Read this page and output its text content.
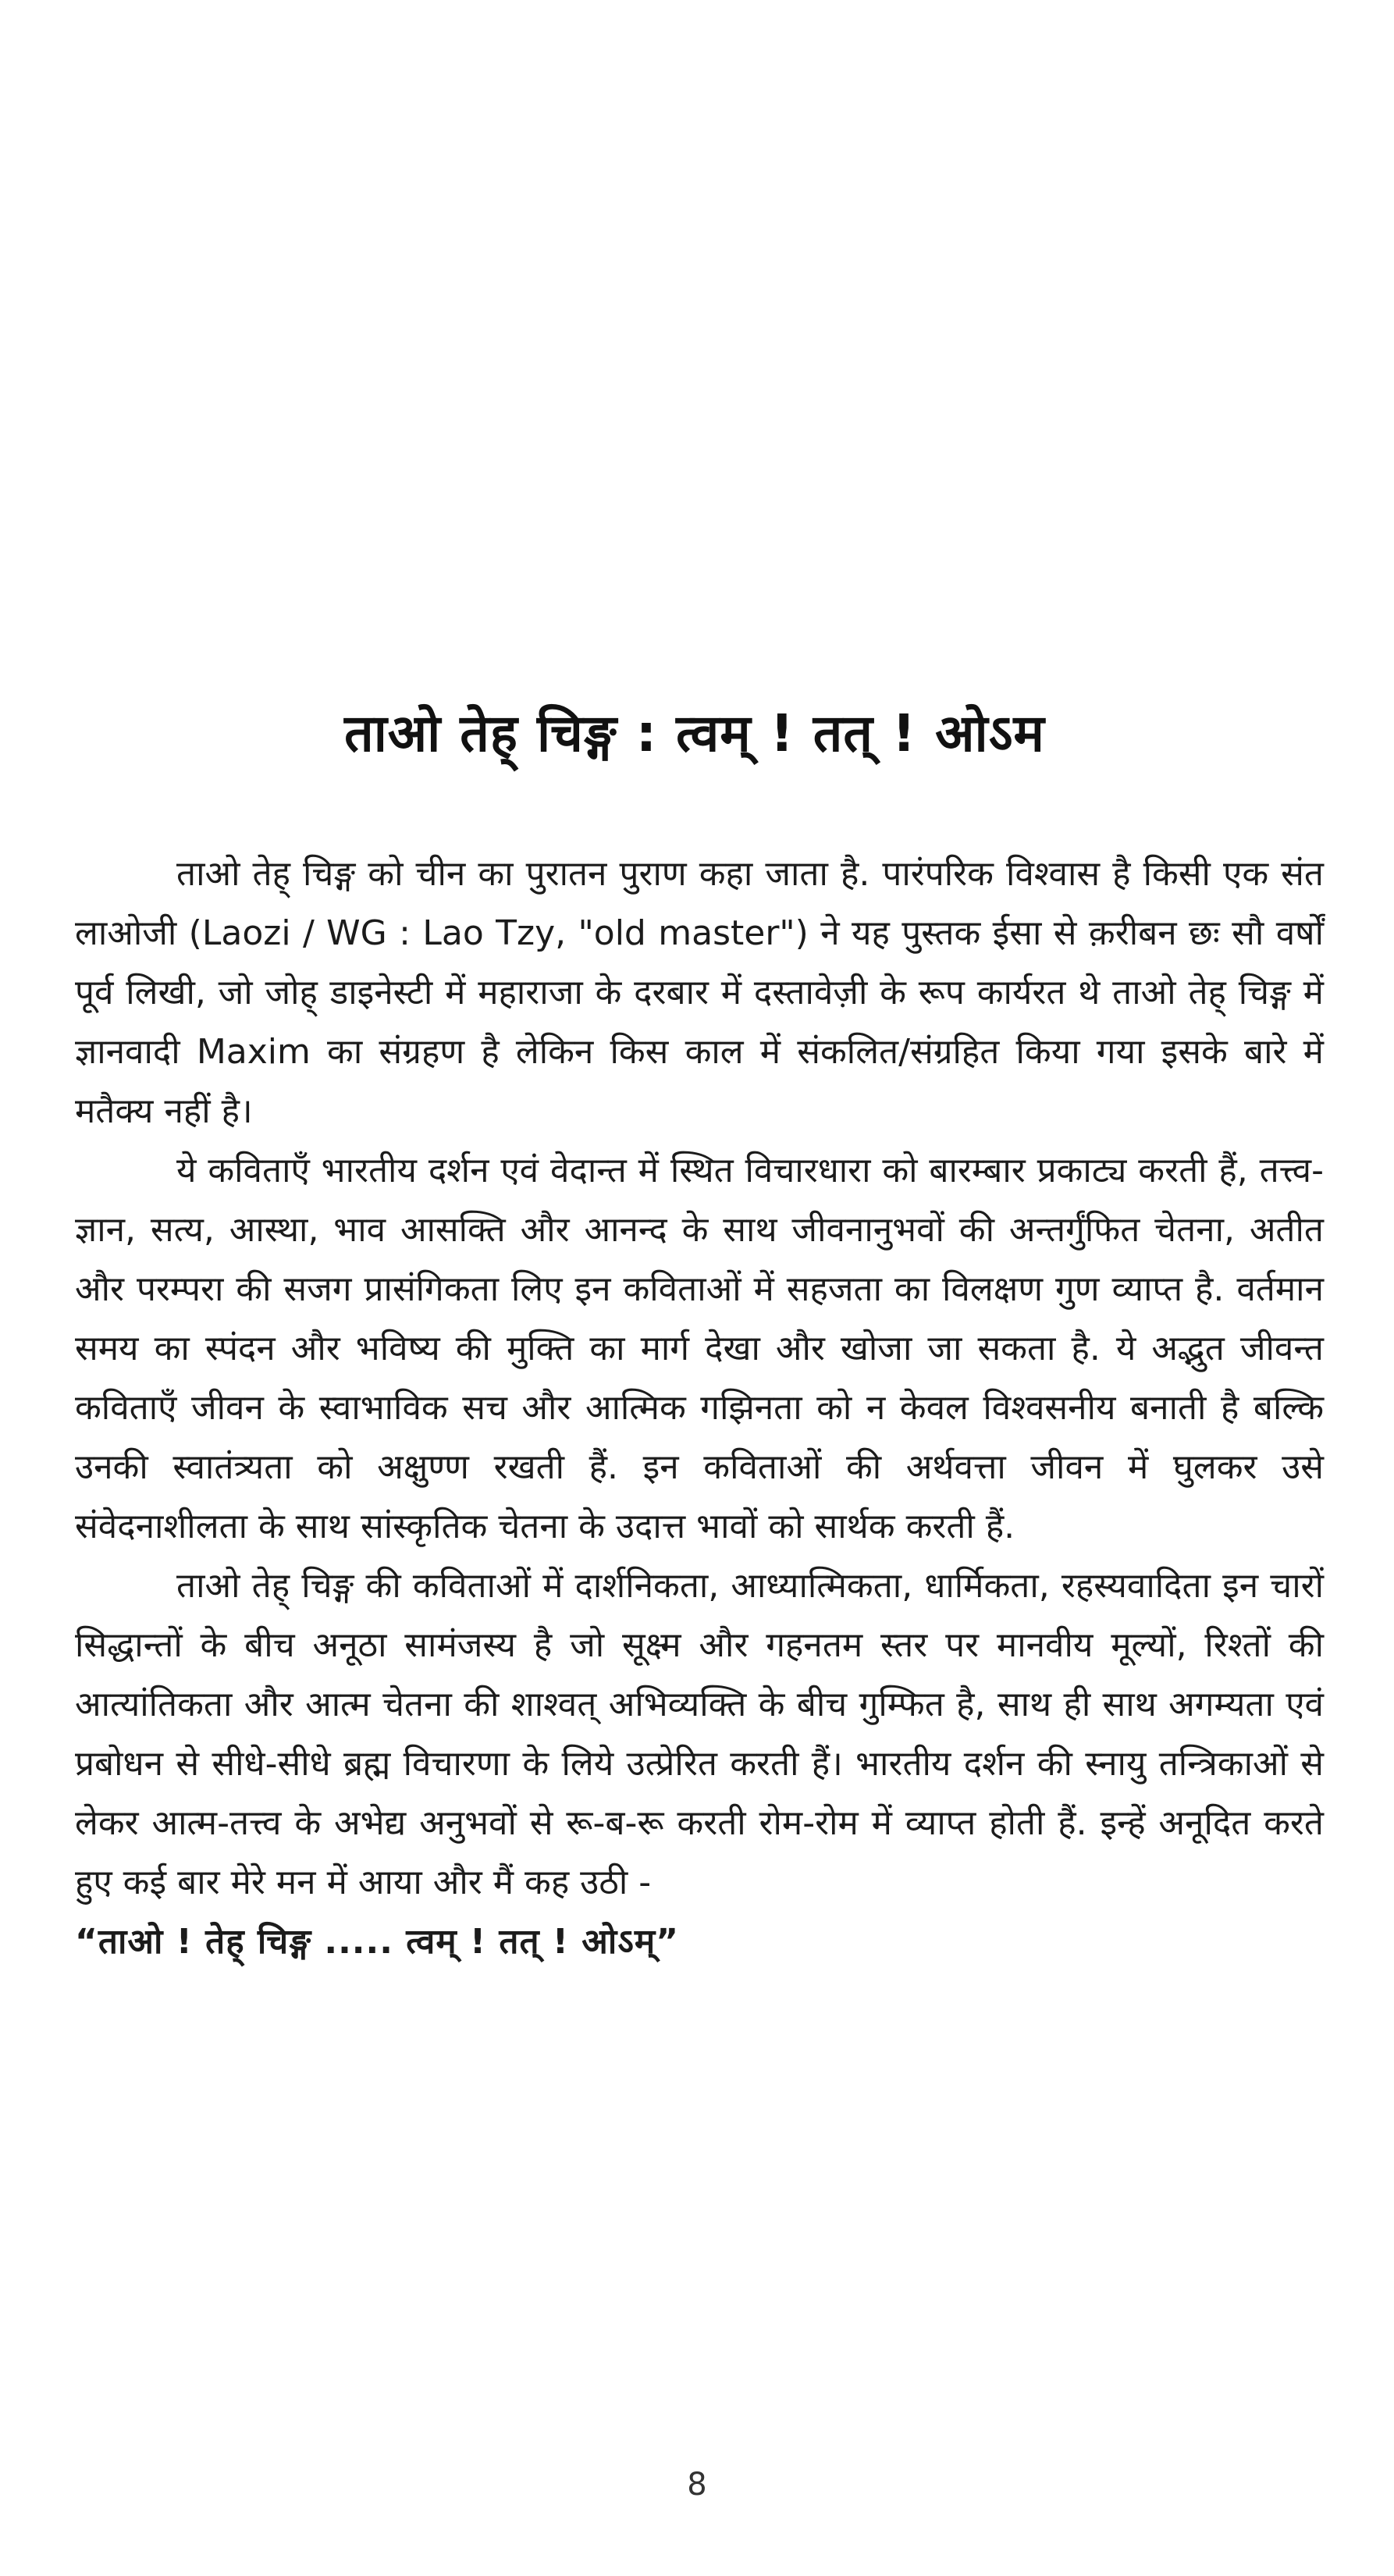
ताओ तेह् चिङ्ग : त्वम् ! तत् ! ओऽम

ताओ तेह् चिङ्ग को चीन का पुरातन पुराण कहा जाता है. पारंपरिक विश्वास है किसी एक संत लाओजी (Laozi / WG : Lao Tzy, "old master") ने यह पुस्तक ईसा से क़रीबन छः सौ वर्षों पूर्व लिखी, जो जोह् डाइनेस्टी में महाराजा के दरबार में दस्तावेज़ी के रूप कार्यरत थे ताओ तेह् चिङ्ग में ज्ञानवादी Maxim का संग्रहण है लेकिन किस काल में संकलित/संग्रहित किया गया इसके बारे में मतैक्य नहीं है।

ये कविताएँ भारतीय दर्शन एवं वेदान्त में स्थित विचारधारा को बारम्बार प्रकाट्य करती हैं, तत्त्व-ज्ञान, सत्य, आस्था, भाव आसक्ति और आनन्द के साथ जीवनानुभवों की अन्तर्गुंफित चेतना, अतीत और परम्परा की सजग प्रासंगिकता लिए इन कविताओं में सहजता का विलक्षण गुण व्याप्त है. वर्तमान समय का स्पंदन और भविष्य की मुक्ति का मार्ग देखा और खोजा जा सकता है. ये अद्भुत जीवन्त कविताएँ जीवन के स्वाभाविक सच और आत्मिक गझिनता को न केवल विश्वसनीय बनाती है बल्कि उनकी स्वातंत्र्यता को अक्षुण्ण रखती हैं. इन कविताओं की अर्थवत्ता जीवन में घुलकर उसे संवेदनाशीलता के साथ सांस्कृतिक चेतना के उदात्त भावों को सार्थक करती हैं.

ताओ तेह् चिङ्ग की कविताओं में दार्शनिकता, आध्यात्मिकता, धार्मिकता, रहस्यवादिता इन चारों सिद्धान्तों के बीच अनूठा सामंजस्य है जो सूक्ष्म और गहनतम स्तर पर मानवीय मूल्यों, रिश्तों की आत्यांतिकता और आत्म चेतना की शाश्वत् अभिव्यक्ति के बीच गुम्फित है, साथ ही साथ अगम्यता एवं प्रबोधन से सीधे-सीधे ब्रह्म विचारणा के लिये उत्प्रेरित करती हैं। भारतीय दर्शन की स्नायु तन्त्रिकाओं से लेकर आत्म-तत्त्व के अभेद्य अनुभवों से रू-ब-रू करती रोम-रोम में व्याप्त होती हैं. इन्हें अनूदित करते हुए कई बार मेरे मन में आया और मैं कह उठी -

“ताओ ! तेह् चिङ्ग ..... त्वम् ! तत् ! ओऽम्”

8
